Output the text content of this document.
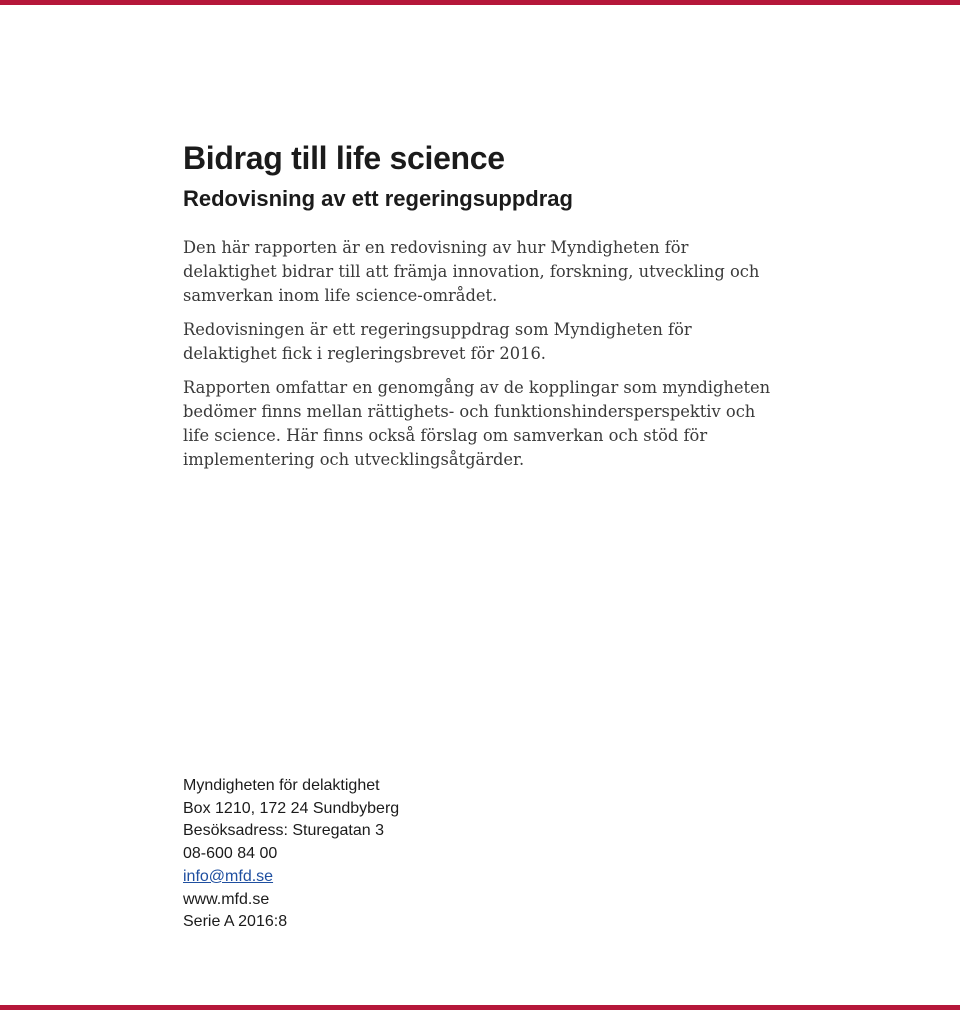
Bidrag till life science
Redovisning av ett regeringsuppdrag

Den här rapporten är en redovisning av hur Myndigheten för delaktighet bidrar till att främja innovation, forskning, utveckling och samverkan inom life science-området.

Redovisningen är ett regeringsuppdrag som Myndigheten för delaktighet fick i regleringsbrevet för 2016.

Rapporten omfattar en genomgång av de kopplingar som myndigheten bedömer finns mellan rättighets- och funktionshindersperspektiv och life science. Här finns också förslag om samverkan och stöd för implementering och utvecklingsåtgärder.

Myndigheten för delaktighet
Box 1210, 172 24 Sundbyberg
Besöksadress: Sturegatan 3
08-600 84 00
info@mfd.se
www.mfd.se
Serie A 2016:8
